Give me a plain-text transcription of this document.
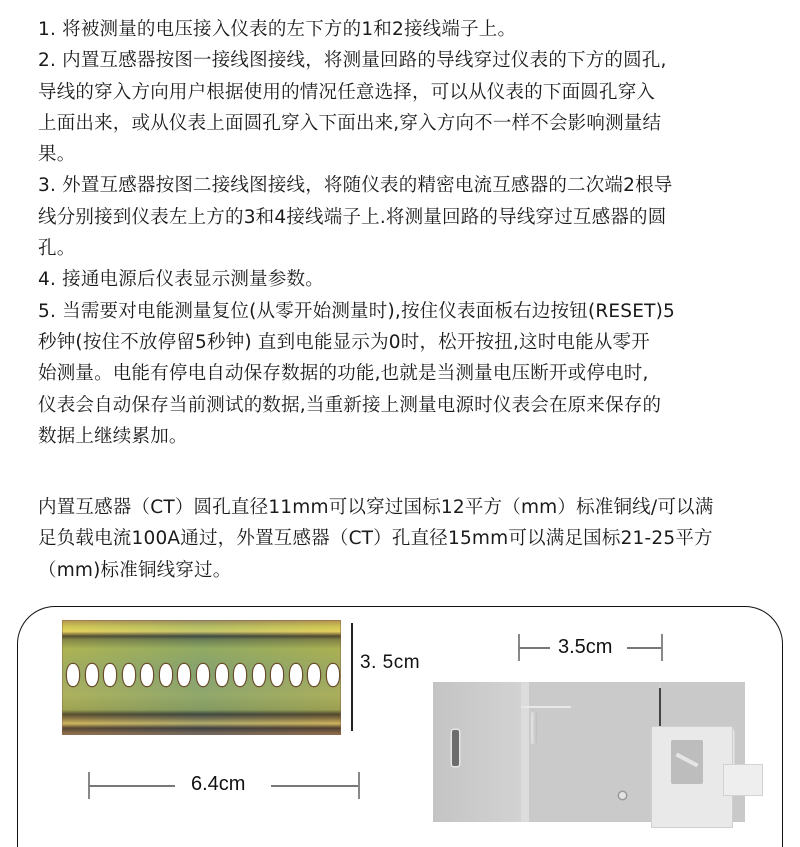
1. 将被测量的电压接入仪表的左下方的1和2接线端子上。

2. 内置互感器按图一接线图接线，将测量回路的导线穿过仪表的下方的圆孔,
导线的穿入方向用户根据使用的情况任意选择，可以从仪表的下面圆孔穿入
上面出来，或从仪表上面圆孔穿入下面出来,穿入方向不一样不会影响测量结
果。

3. 外置互感器按图二接线图接线，将随仪表的精密电流互感器的二次端2根导
线分别接到仪表左上方的3和4接线端子上.将测量回路的导线穿过互感器的圆
孔。

4. 接通电源后仪表显示测量参数。

5. 当需要对电能测量复位(从零开始测量时),按住仪表面板右边按钮(RESET)5
秒钟(按住不放停留5秒钟) 直到电能显示为0时，松开按扭,这时电能从零开
始测量。电能有停电自动保存数据的功能,也就是当测量电压断开或停电时,
仪表会自动保存当前测试的数据,当重新接上测量电源时仪表会在原来保存的
数据上继续累加。

内置互感器（CT）圆孔直径11mm可以穿过国标12平方（mm）标准铜线/可以满
足负载电流100A通过，外置互感器（CT）孔直径15mm可以满足国标21-25平方
（mm)标准铜线穿过。

3. 5cm
6.4cm
3.5cm
